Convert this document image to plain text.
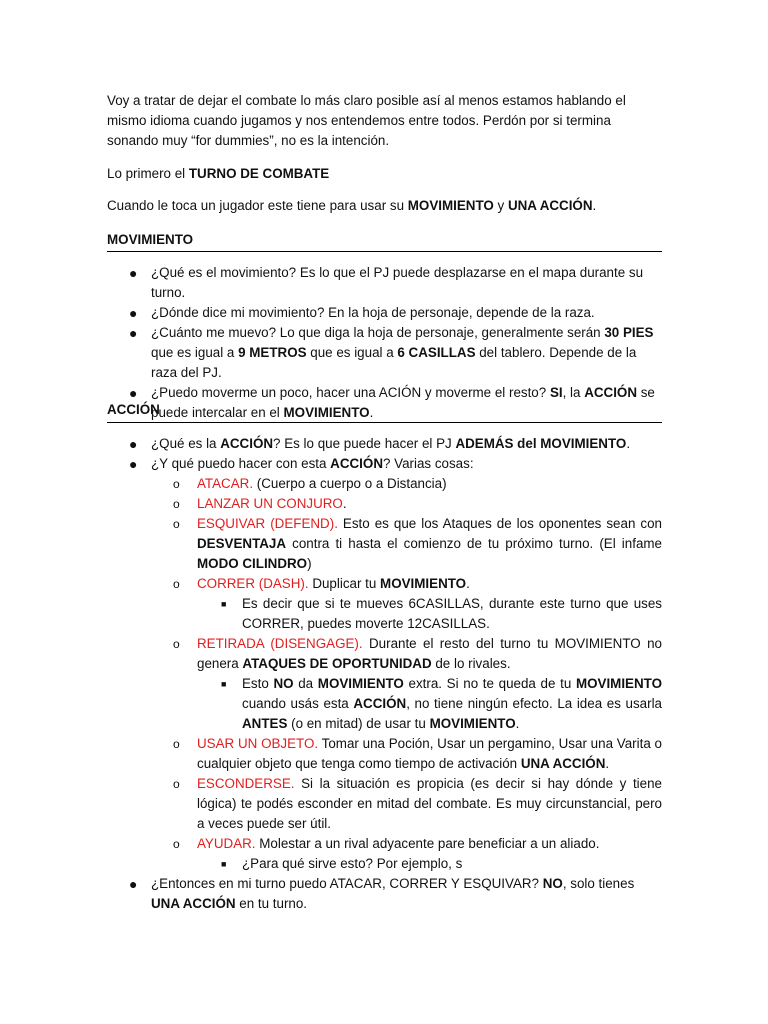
Voy a tratar de dejar el combate lo más claro posible así al menos estamos hablando el mismo idioma cuando jugamos y nos entendemos entre todos. Perdón por si termina sonando muy “for dummies”, no es la intención.

Lo primero el TURNO DE COMBATE

Cuando le toca un jugador este tiene para usar su MOVIMIENTO y UNA ACCIÓN.

MOVIMIENTO
● ¿Qué es el movimiento? Es lo que el PJ puede desplazarse en el mapa durante su turno.
● ¿Dónde dice mi movimiento? En la hoja de personaje, depende de la raza.
● ¿Cuánto me muevo? Lo que diga la hoja de personaje, generalmente serán 30 PIES que es igual a 9 METROS que es igual a 6 CASILLAS del tablero. Depende de la raza del PJ.
● ¿Puedo moverme un poco, hacer una ACIÓN y moverme el resto? SI, la ACCIÓN se puede intercalar en el MOVIMIENTO.
ACCIÓN
● ¿Qué es la ACCIÓN? Es lo que puede hacer el PJ ADEMÁS del MOVIMIENTO.
● ¿Y qué puedo hacer con esta ACCIÓN? Varias cosas:
o ATACAR. (Cuerpo a cuerpo o a Distancia)
o LANZAR UN CONJURO.
o ESQUIVAR (DEFEND). Esto es que los Ataques de los oponentes sean con DESVENTAJA contra ti hasta el comienzo de tu próximo turno. (El infame MODO CILINDRO)
o CORRER (DASH). Duplicar tu MOVIMIENTO.
■ Es decir que si te mueves 6CASILLAS, durante este turno que uses CORRER, puedes moverte 12CASILLAS.
o RETIRADA (DISENGAGE). Durante el resto del turno tu MOVIMIENTO no genera ATAQUES DE OPORTUNIDAD de lo rivales.
■ Esto NO da MOVIMIENTO extra. Si no te queda de tu MOVIMIENTO cuando usás esta ACCIÓN, no tiene ningún efecto. La idea es usarla ANTES (o en mitad) de usar tu MOVIMIENTO.
o USAR UN OBJETO. Tomar una Poción, Usar un pergamino, Usar una Varita o cualquier objeto que tenga como tiempo de activación UNA ACCIÓN.
o ESCONDERSE. Si la situación es propicia (es decir si hay dónde y tiene lógica) te podés esconder en mitad del combate. Es muy circunstancial, pero a veces puede ser útil.
o AYUDAR. Molestar a un rival adyacente pare beneficiar a un aliado.
■ ¿Para qué sirve esto? Por ejemplo, s
● ¿Entonces en mi turno puedo ATACAR, CORRER Y ESQUIVAR? NO, solo tienes UNA ACCIÓN en tu turno.
